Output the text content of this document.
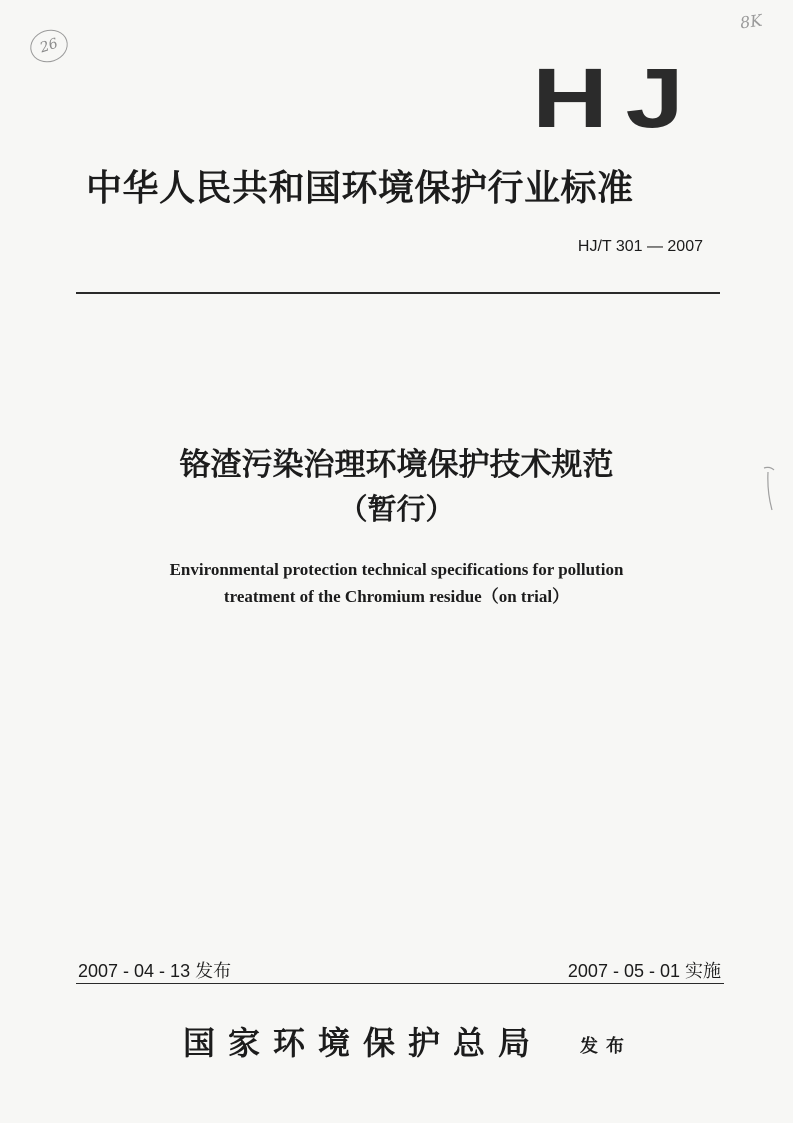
26
8K
HJ
中华人民共和国环境保护行业标准
HJ/T 301 — 2007
铬渣污染治理环境保护技术规范
（暂行）
Environmental protection technical specifications for pollution
treatment of the Chromium residue（on trial）
2007 - 04 - 13 发布	2007 - 05 - 01 实施
国家环境保护总局 发布
